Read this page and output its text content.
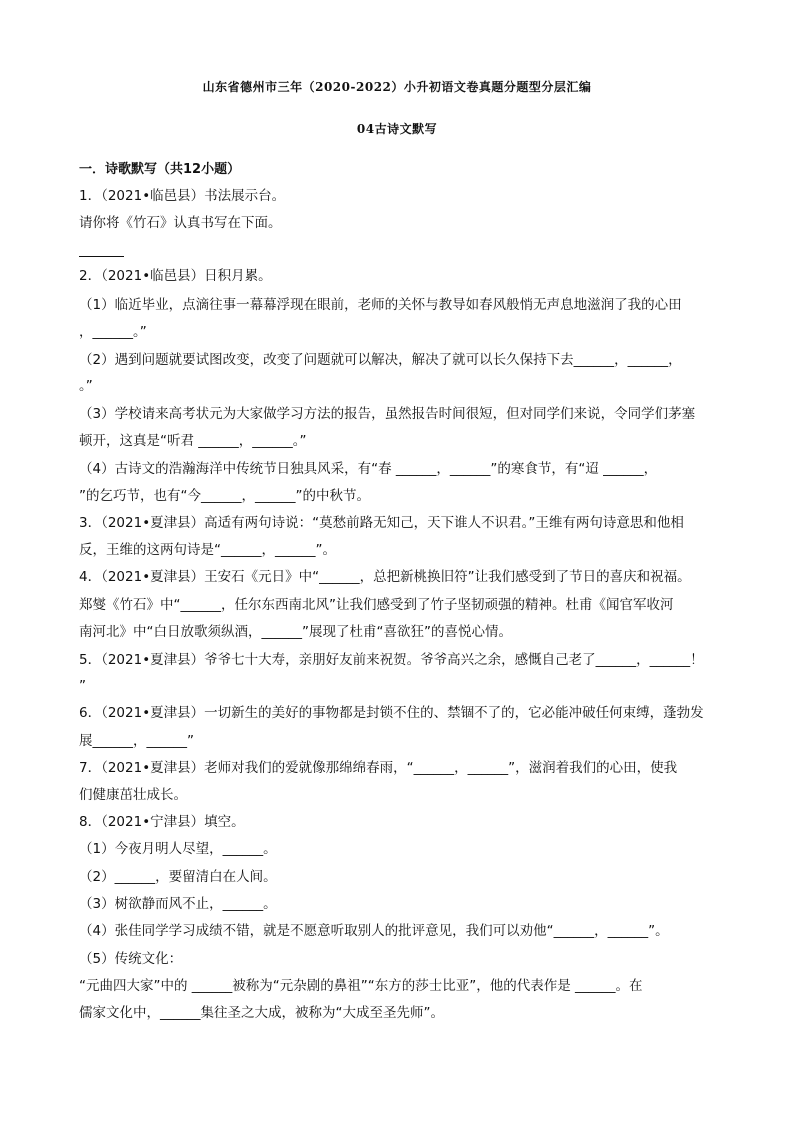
山东省德州市三年（2020-2022）小升初语文卷真题分题型分层汇编
04古诗文默写
一．诗歌默写（共12小题）
1．（2021•临邑县）书法展示台。
请你将《竹石》认真书写在下面。
2．（2021•临邑县）日积月累。
（1）临近毕业，点滴往事一幕幕浮现在眼前，老师的关怀与教导如春风般悄无声息地滋润了我的心田
，______。”
（2）遇到问题就要试图改变，改变了问题就可以解决，解决了就可以长久保持下去______，______，
。”
（3）学校请来高考状元为大家做学习方法的报告，虽然报告时间很短，但对同学们来说，令同学们茅塞
顿开，这真是“听君 ______，______。”
（4）古诗文的浩瀚海洋中传统节日独具风采，有“春 ______，______”的寒食节，有“迢 ______，
”的乞巧节，也有“今______，______”的中秋节。
3．（2021•夏津县）高适有两句诗说：“莫愁前路无知己，天下谁人不识君。”王维有两句诗意思和他相
反，王维的这两句诗是“______，______”。
4．（2021•夏津县）王安石《元日》中“______，总把新桃换旧符”让我们感受到了节日的喜庆和祝福。
郑燮《竹石》中“______，任尔东西南北风”让我们感受到了竹子坚韧顽强的精神。杜甫《闻官军收河
南河北》中“白日放歌须纵酒，______”展现了杜甫“喜欲狂”的喜悦心情。
5．（2021•夏津县）爷爷七十大寿，亲朋好友前来祝贺。爷爷高兴之余，感慨自己老了______，______！
”
6．（2021•夏津县）一切新生的美好的事物都是封锁不住的、禁锢不了的，它必能冲破任何束缚，蓬勃发
展______，______”
7．（2021•夏津县）老师对我们的爱就像那绵绵春雨，“______，______”，滋润着我们的心田，使我
们健康茁壮成长。
8．（2021•宁津县）填空。
（1）今夜月明人尽望，______。
（2）______，要留清白在人间。
（3）树欲静而风不止，______。
（4）张佳同学学习成绩不错，就是不愿意听取别人的批评意见，我们可以劝他“______，______”。
（5）传统文化：
“元曲四大家”中的 ______被称为“元杂剧的鼻祖”“东方的莎士比亚”，他的代表作是 ______。在
儒家文化中，______集往圣之大成，被称为“大成至圣先师”。
